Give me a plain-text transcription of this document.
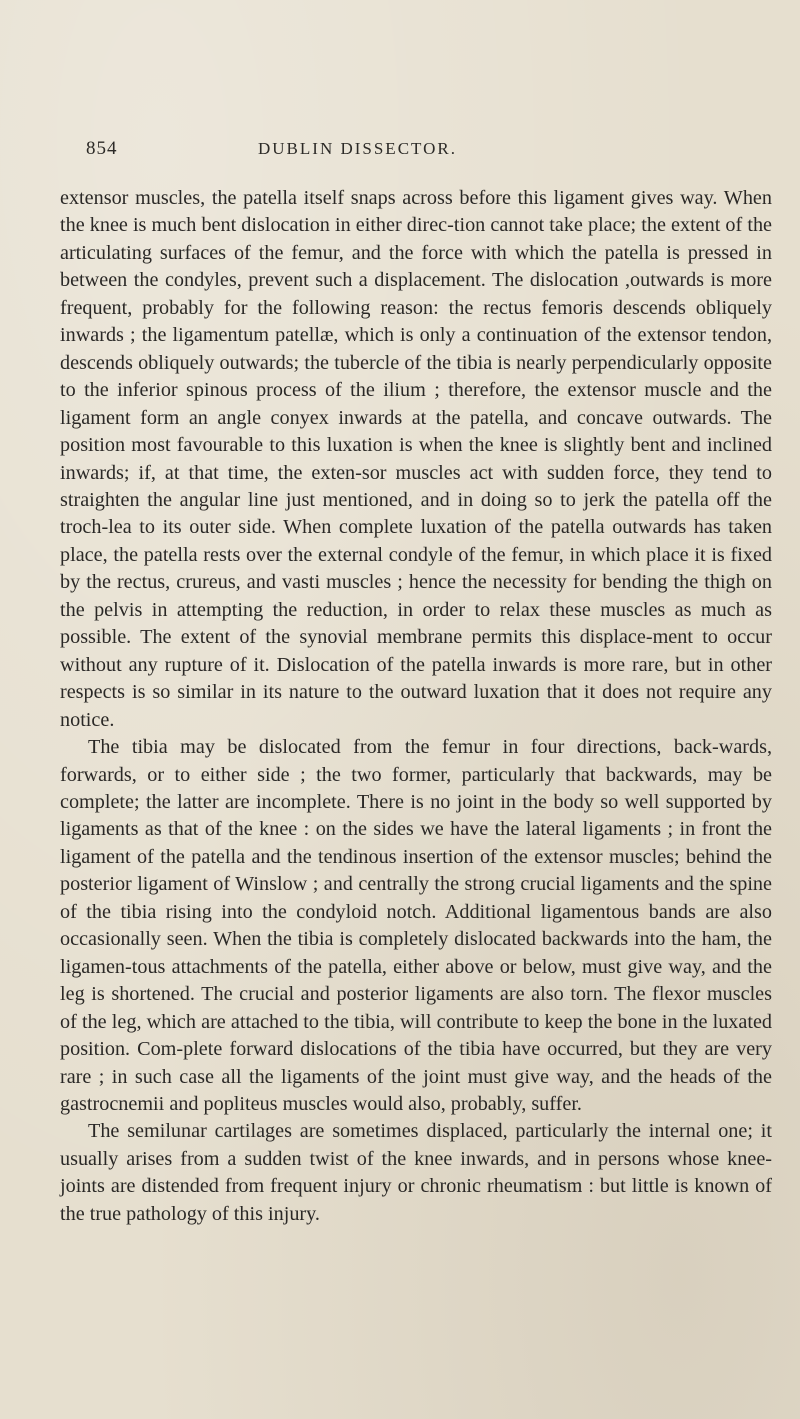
854	DUBLIN DISSECTOR.

extensor muscles, the patella itself snaps across before this ligament gives way. When the knee is much bent dislocation in either direc-tion cannot take place; the extent of the articulating surfaces of the femur, and the force with which the patella is pressed in between the condyles, prevent such a displacement. The dislocation ,outwards is more frequent, probably for the following reason: the rectus femoris descends obliquely inwards ; the ligamentum patellæ, which is only a continuation of the extensor tendon, descends obliquely outwards; the tubercle of the tibia is nearly perpendicularly opposite to the inferior spinous process of the ilium ; therefore, the extensor muscle and the ligament form an angle conyex inwards at the patella, and concave outwards. The position most favourable to this luxation is when the knee is slightly bent and inclined inwards; if, at that time, the exten-sor muscles act with sudden force, they tend to straighten the angular line just mentioned, and in doing so to jerk the patella off the troch-lea to its outer side. When complete luxation of the patella outwards has taken place, the patella rests over the external condyle of the femur, in which place it is fixed by the rectus, crureus, and vasti muscles ; hence the necessity for bending the thigh on the pelvis in attempting the reduction, in order to relax these muscles as much as possible. The extent of the synovial membrane permits this displace-ment to occur without any rupture of it. Dislocation of the patella inwards is more rare, but in other respects is so similar in its nature to the outward luxation that it does not require any notice.

The tibia may be dislocated from the femur in four directions, back-wards, forwards, or to either side ; the two former, particularly that backwards, may be complete; the latter are incomplete. There is no joint in the body so well supported by ligaments as that of the knee : on the sides we have the lateral ligaments ; in front the ligament of the patella and the tendinous insertion of the extensor muscles; behind the posterior ligament of Winslow ; and centrally the strong crucial ligaments and the spine of the tibia rising into the condyloid notch. Additional ligamentous bands are also occasionally seen. When the tibia is completely dislocated backwards into the ham, the ligamen-tous attachments of the patella, either above or below, must give way, and the leg is shortened. The crucial and posterior ligaments are also torn. The flexor muscles of the leg, which are attached to the tibia, will contribute to keep the bone in the luxated position. Com-plete forward dislocations of the tibia have occurred, but they are very rare ; in such case all the ligaments of the joint must give way, and the heads of the gastrocnemii and popliteus muscles would also, probably, suffer.

The semilunar cartilages are sometimes displaced, particularly the internal one; it usually arises from a sudden twist of the knee inwards, and in persons whose knee-joints are distended from frequent injury or chronic rheumatism : but little is known of the true pathology of this injury.
